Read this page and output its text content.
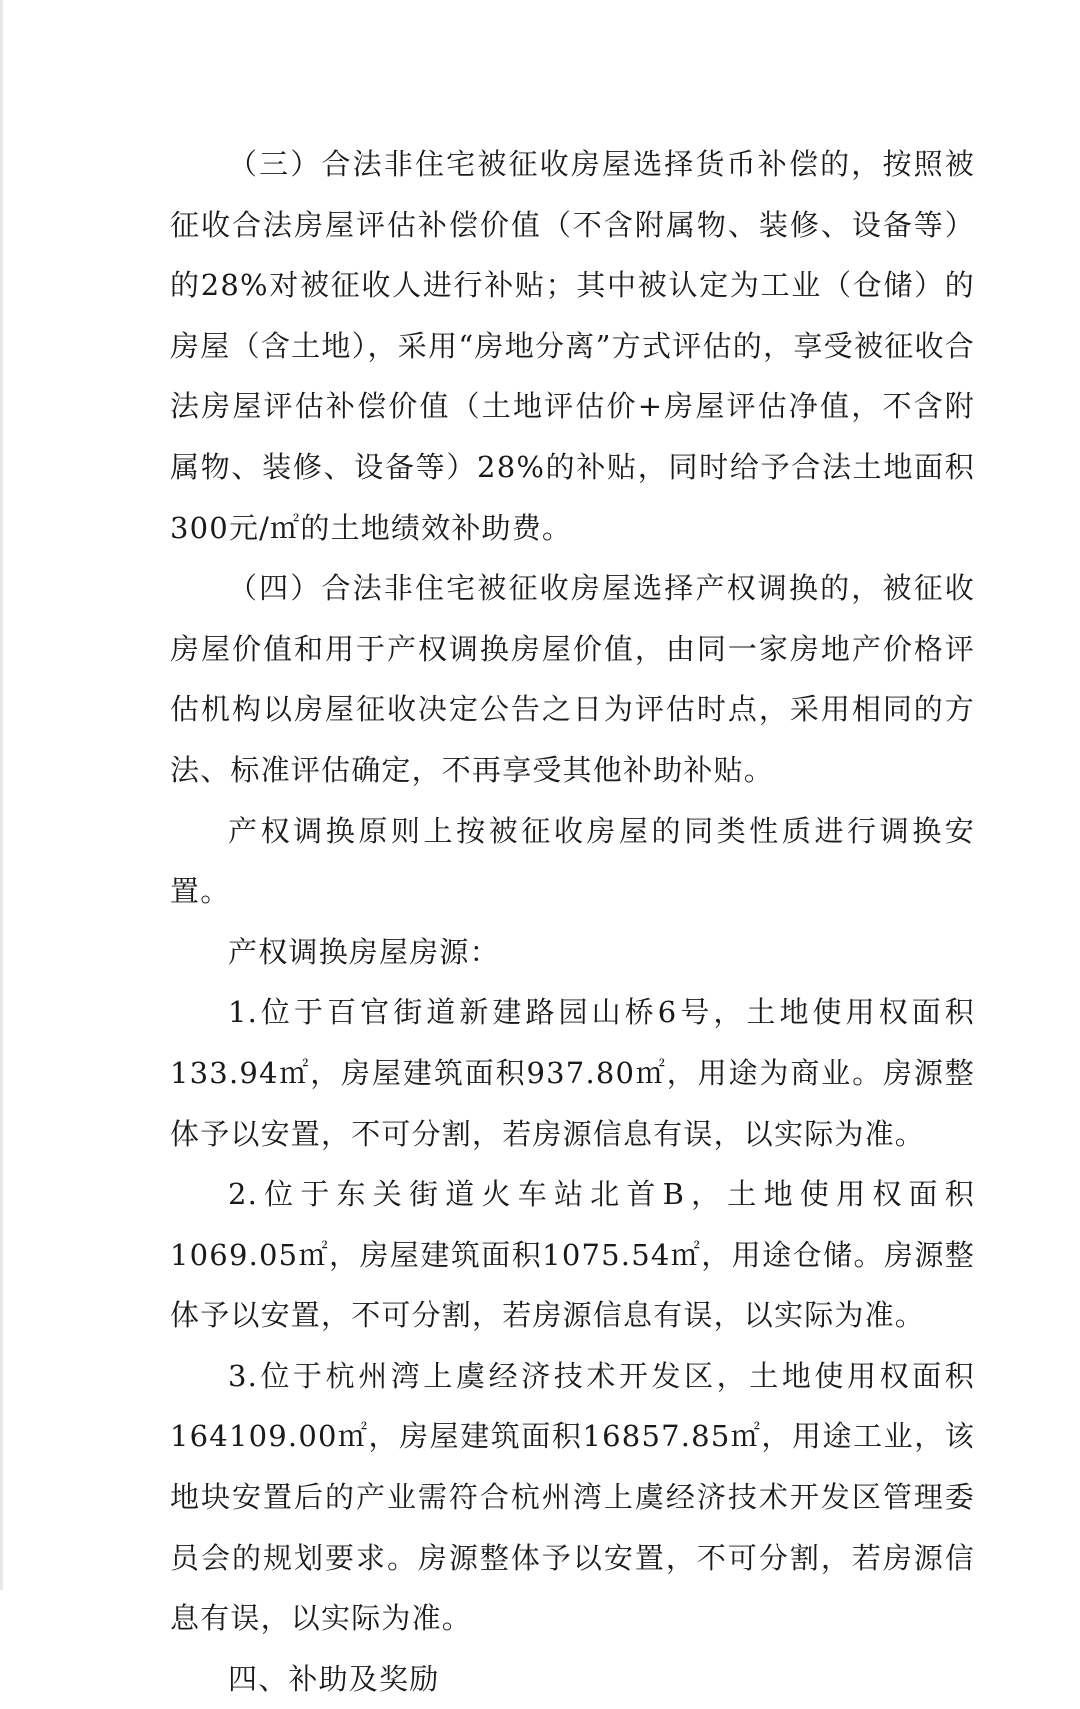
（三）合法非住宅被征收房屋选择货币补偿的，按照被征收合法房屋评估补偿价值（不含附属物、装修、设备等）的28%对被征收人进行补贴；其中被认定为工业（仓储）的房屋（含土地），采用“房地分离”方式评估的，享受被征收合法房屋评估补偿价值（土地评估价+房屋评估净值，不含附属物、装修、设备等）28%的补贴，同时给予合法土地面积300元/㎡的土地绩效补助费。

（四）合法非住宅被征收房屋选择产权调换的，被征收房屋价值和用于产权调换房屋价值，由同一家房地产价格评估机构以房屋征收决定公告之日为评估时点，采用相同的方法、标准评估确定，不再享受其他补助补贴。

产权调换原则上按被征收房屋的同类性质进行调换安置。

产权调换房屋房源：

1.位于百官街道新建路园山桥6号，土地使用权面积133.94㎡，房屋建筑面积937.80㎡，用途为商业。房源整体予以安置，不可分割，若房源信息有误，以实际为准。

2.位于东关街道火车站北首B，土地使用权面积1069.05㎡，房屋建筑面积1075.54㎡，用途仓储。房源整体予以安置，不可分割，若房源信息有误，以实际为准。

3.位于杭州湾上虞经济技术开发区，土地使用权面积164109.00㎡，房屋建筑面积16857.85㎡，用途工业，该地块安置后的产业需符合杭州湾上虞经济技术开发区管理委员会的规划要求。房源整体予以安置，不可分割，若房源信息有误，以实际为准。

四、补助及奖励
